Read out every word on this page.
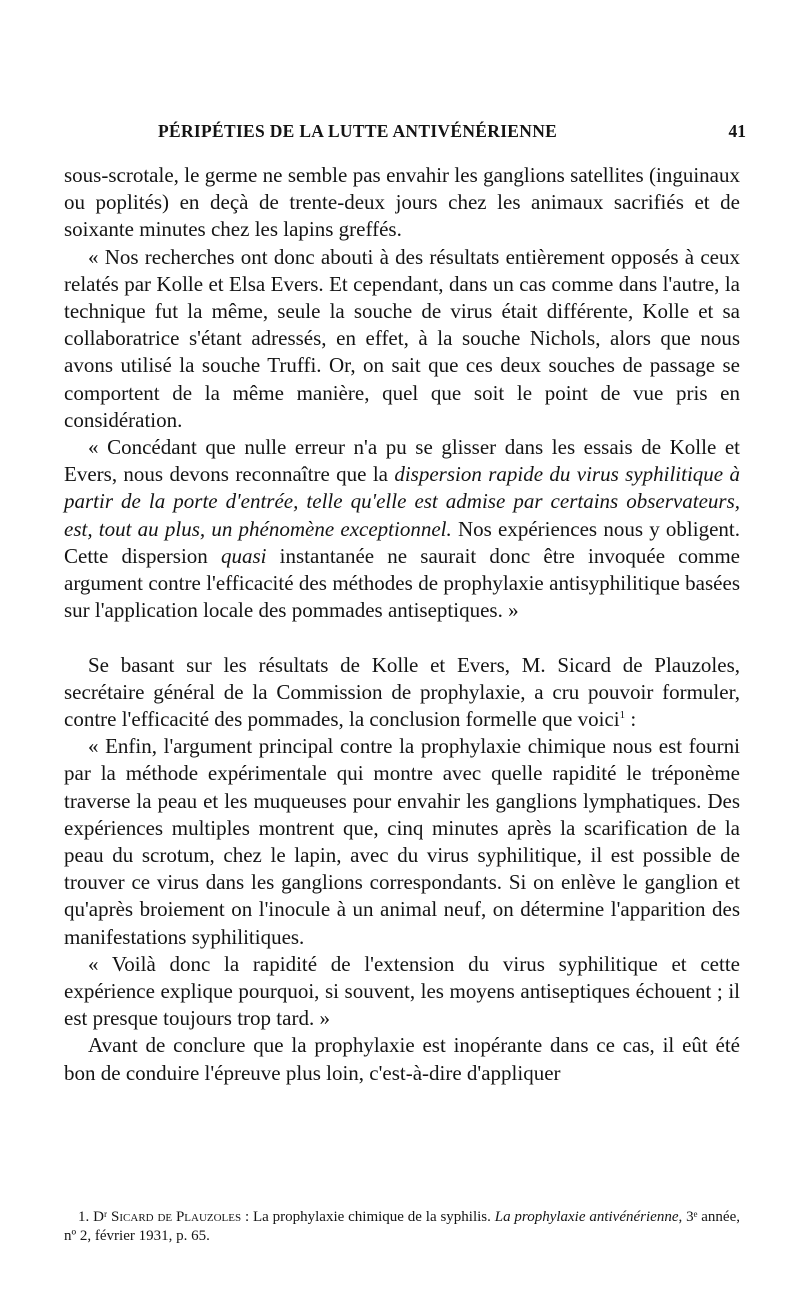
PÉRIPÉTIES DE LA LUTTE ANTIVÉNÉRIENNE	41

sous-scrotale, le germe ne semble pas envahir les ganglions satellites (inguinaux ou poplités) en deçà de trente-deux jours chez les animaux sacrifiés et de soixante minutes chez les lapins greffés.

« Nos recherches ont donc abouti à des résultats entièrement opposés à ceux relatés par Kolle et Elsa Evers. Et cependant, dans un cas comme dans l'autre, la technique fut la même, seule la souche de virus était différente, Kolle et sa collaboratrice s'étant adressés, en effet, à la souche Nichols, alors que nous avons utilisé la souche Truffi. Or, on sait que ces deux souches de passage se comportent de la même manière, quel que soit le point de vue pris en considération.

« Concédant que nulle erreur n'a pu se glisser dans les essais de Kolle et Evers, nous devons reconnaître que la dispersion rapide du virus syphilitique à partir de la porte d'entrée, telle qu'elle est admise par certains observateurs, est, tout au plus, un phénomène exceptionnel. Nos expériences nous y obligent. Cette dispersion quasi instantanée ne saurait donc être invoquée comme argument contre l'efficacité des méthodes de prophylaxie antisyphilitique basées sur l'application locale des pommades antiseptiques. »

Se basant sur les résultats de Kolle et Evers, M. Sicard de Plauzoles, secrétaire général de la Commission de prophylaxie, a cru pouvoir formuler, contre l'efficacité des pommades, la conclusion formelle que voici$^1$ :

« Enfin, l'argument principal contre la prophylaxie chimique nous est fourni par la méthode expérimentale qui montre avec quelle rapidité le tréponème traverse la peau et les muqueuses pour envahir les ganglions lymphatiques. Des expériences multiples montrent que, cinq minutes après la scarification de la peau du scrotum, chez le lapin, avec du virus syphilitique, il est possible de trouver ce virus dans les ganglions correspondants. Si on enlève le ganglion et qu'après broiement on l'inocule à un animal neuf, on détermine l'apparition des manifestations syphilitiques.

« Voilà donc la rapidité de l'extension du virus syphilitique et cette expérience explique pourquoi, si souvent, les moyens antiseptiques échouent ; il est presque toujours trop tard. »

Avant de conclure que la prophylaxie est inopérante dans ce cas, il eût été bon de conduire l'épreuve plus loin, c'est-à-dire d'appliquer

1. Dʳ Sicard de Plauzoles : La prophylaxie chimique de la syphilis. La prophylaxie antivénérienne, 3ᵉ année, nº 2, février 1931, p. 65.
